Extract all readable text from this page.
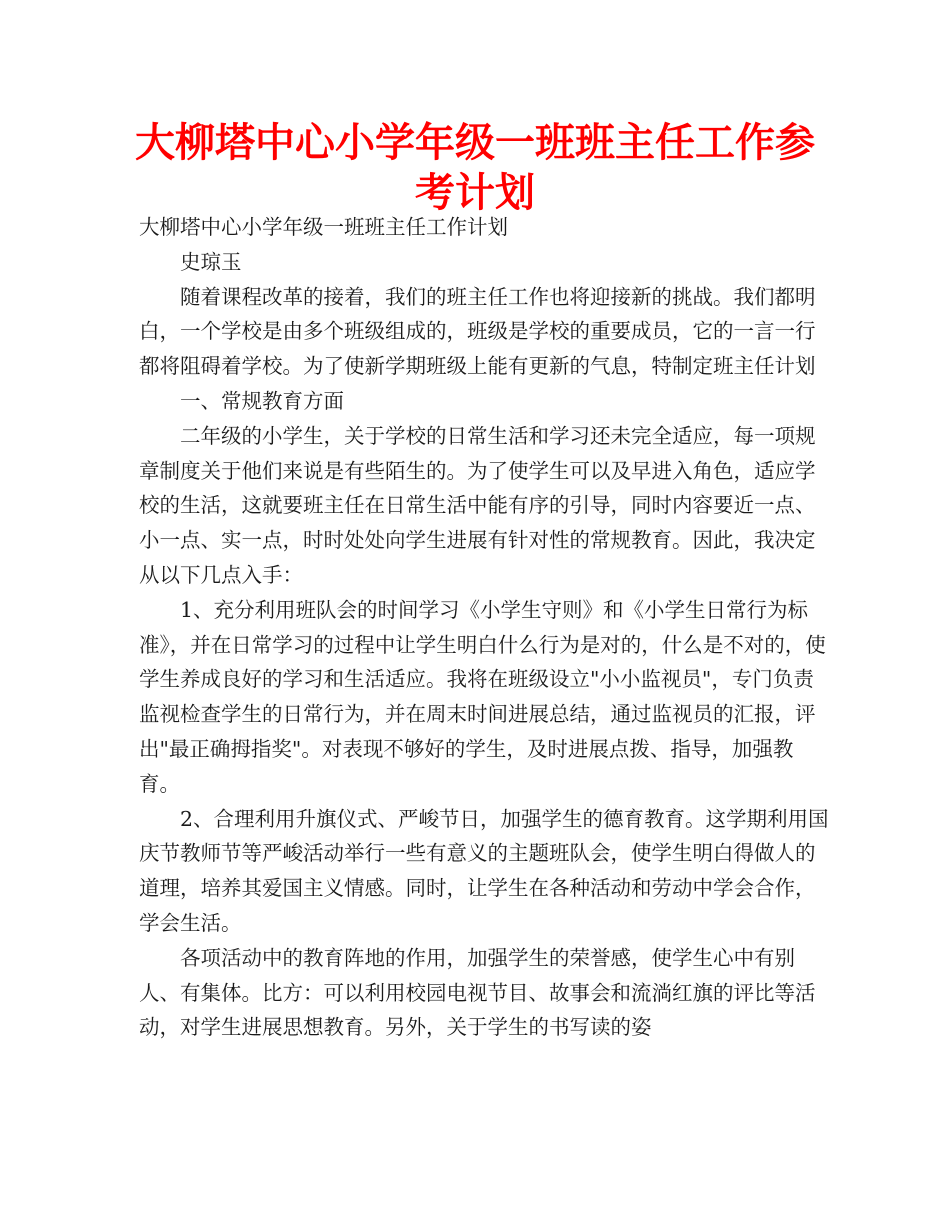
大柳塔中心小学年级一班班主任工作参考计划

大柳塔中心小学年级一班班主任工作计划

史琼玉

随着课程改革的接着，我们的班主任工作也将迎接新的挑战。我们都明白，一个学校是由多个班级组成的，班级是学校的重要成员，它的一言一行都将阻碍着学校。为了使新学期班级上能有更新的气息，特制定班主任计划

一、常规教育方面

二年级的小学生，关于学校的日常生活和学习还未完全适应，每一项规章制度关于他们来说是有些陌生的。为了使学生可以及早进入角色，适应学校的生活，这就要班主任在日常生活中能有序的引导，同时内容要近一点、小一点、实一点，时时处处向学生进展有针对性的常规教育。因此，我决定从以下几点入手：

1、充分利用班队会的时间学习《小学生守则》和《小学生日常行为标准》，并在日常学习的过程中让学生明白什么行为是对的，什么是不对的，使学生养成良好的学习和生活适应。我将在班级设立"小小监视员"，专门负责监视检查学生的日常行为，并在周末时间进展总结，通过监视员的汇报，评出"最正确拇指奖"。对表现不够好的学生，及时进展点拨、指导，加强教育。

2、合理利用升旗仪式、严峻节日，加强学生的德育教育。这学期利用国庆节教师节等严峻活动举行一些有意义的主题班队会，使学生明白得做人的道理，培养其爱国主义情感。同时，让学生在各种活动和劳动中学会合作，学会生活。

各项活动中的教育阵地的作用，加强学生的荣誉感，使学生心中有别人、有集体。比方：可以利用校园电视节目、故事会和流淌红旗的评比等活动，对学生进展思想教育。另外，关于学生的书写读的姿
